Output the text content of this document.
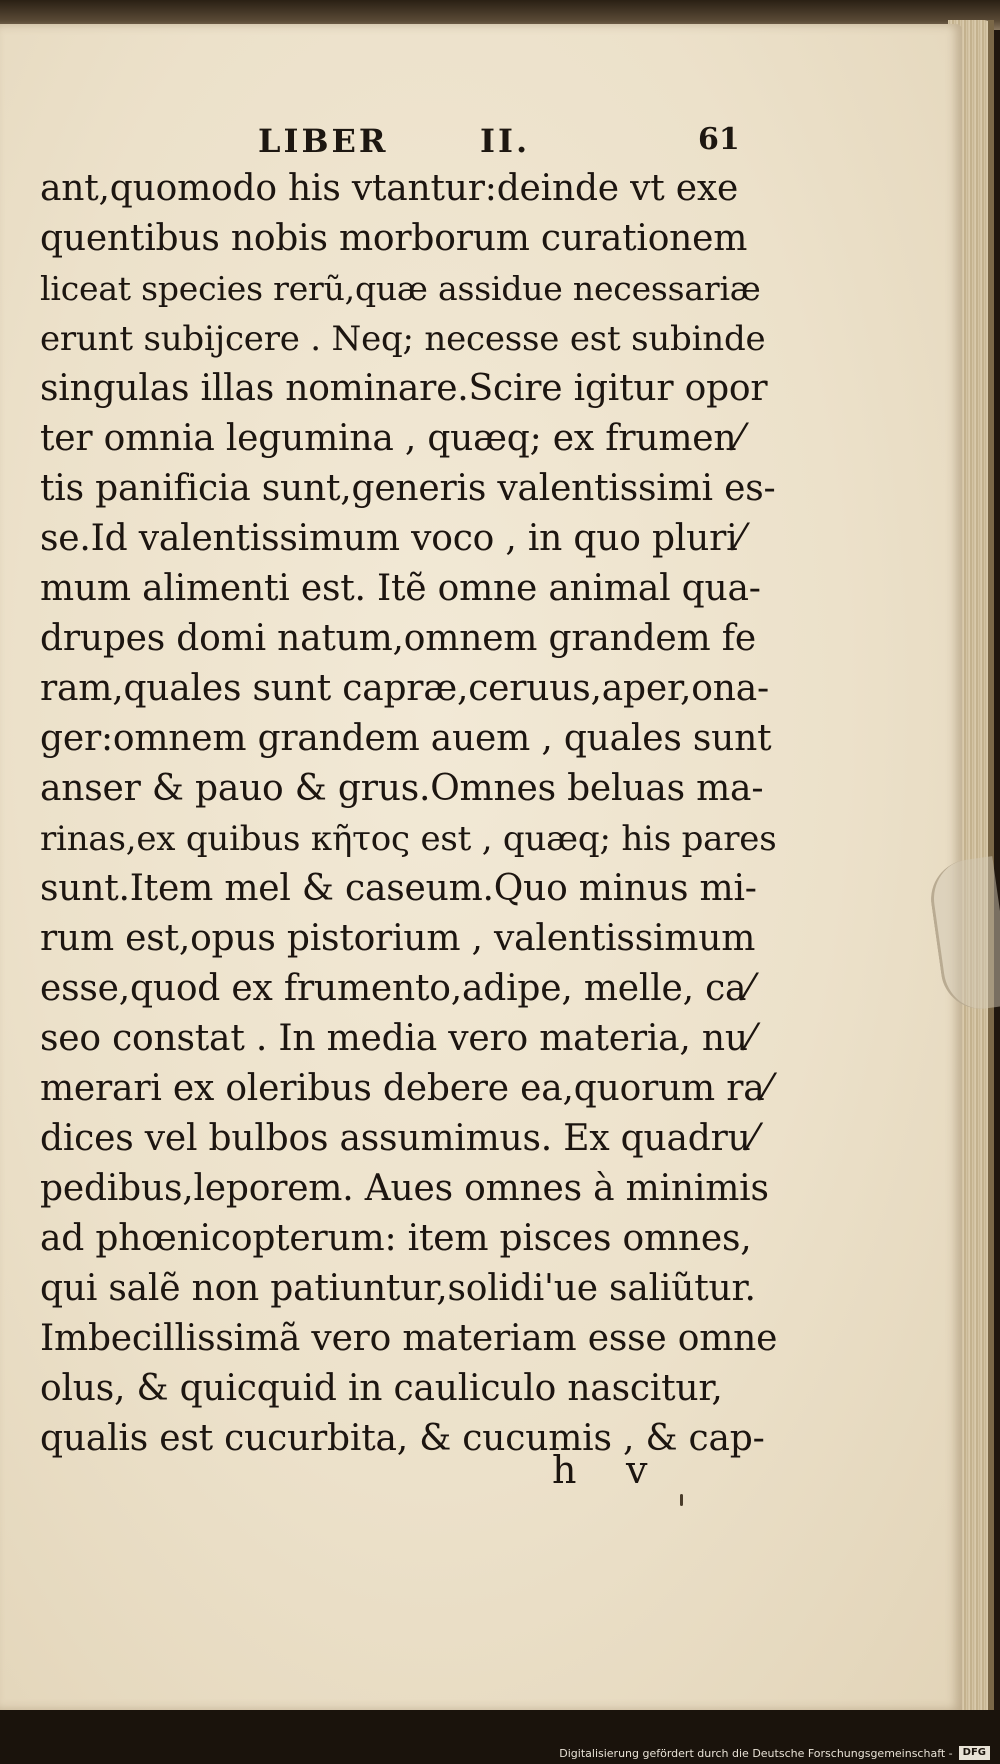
LIBER	II.	61
ant,quomodo his vtantur:deinde vt exe
quentibus nobis morborum curationem
liceat species rerũ,quæ assidue necessariæ
erunt subijcere . Neq; necesse est subinde
singulas illas nominare.Scire igitur opor
ter omnia legumina , quæq; ex frumen⁄
tis panificia sunt,generis valentissimi es-
se.Id valentissimum voco , in quo pluri⁄
mum alimenti est. Itẽ omne animal qua-
drupes domi natum,omnem grandem fe
ram,quales sunt capræ,ceruus,aper,ona-
ger:omnem grandem auem , quales sunt
anser & pauo & grus.Omnes beluas ma-
rinas,ex quibus κῆτος est , quæq; his pares
sunt.Item mel & caseum.Quo minus mi-
rum est,opus pistorium , valentissimum
esse,quod ex frumento,adipe, melle, ca⁄
seo constat . In media vero materia, nu⁄
merari ex oleribus debere ea,quorum ra⁄
dices vel bulbos assumimus. Ex quadru⁄
pedibus,leporem. Aues omnes à minimis
ad phœnicopterum: item pisces omnes,
qui salẽ non patiuntur,solidi'ue saliũtur.
Imbecillissimã vero materiam esse omne
olus, & quicquid in cauliculo nascitur,
qualis est cucurbita, & cucumis , & cap-
h v
Digitalisierung gefördert durch die Deutsche Forschungsgemeinschaft -	DFG
